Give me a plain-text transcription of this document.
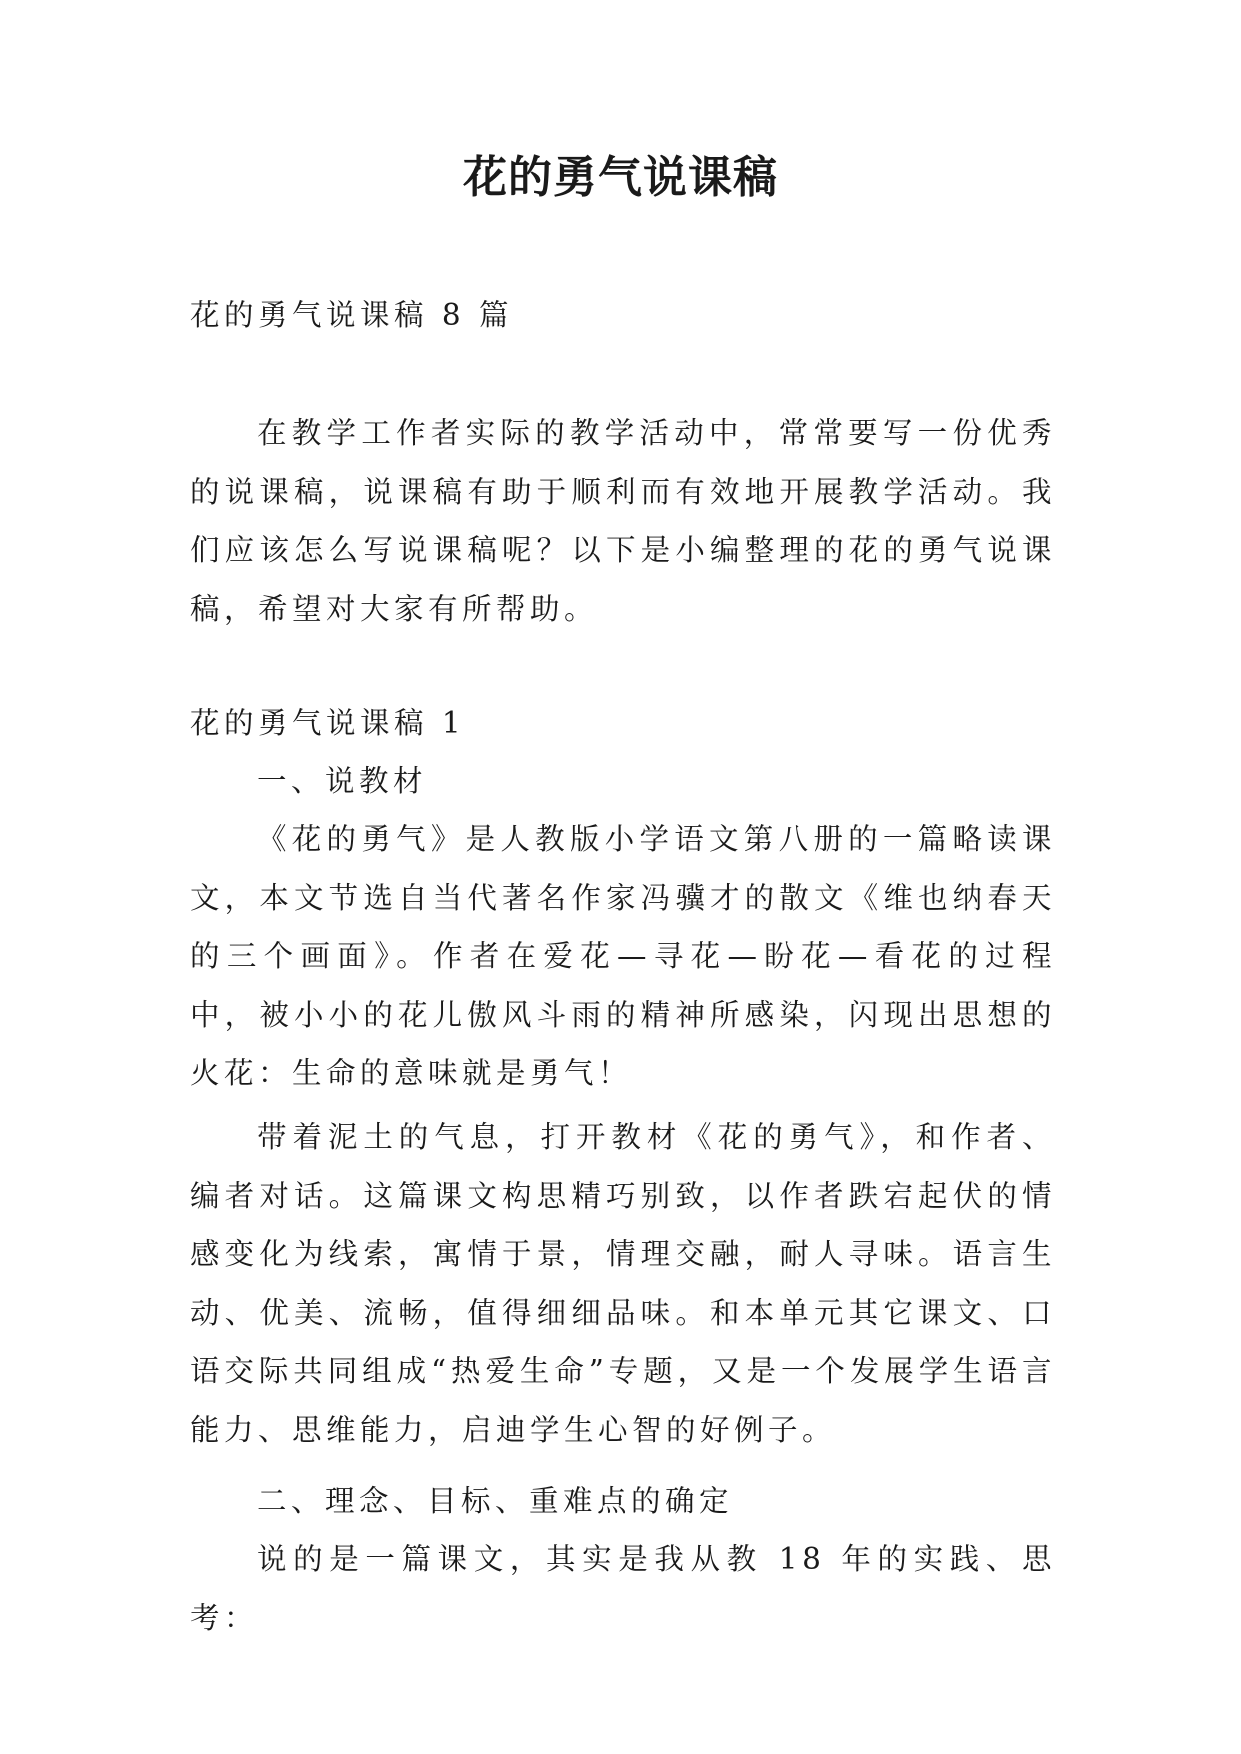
花的勇气说课稿

花的勇气说课稿 8 篇

在教学工作者实际的教学活动中，常常要写一份优秀的说课稿，说课稿有助于顺利而有效地开展教学活动。我们应该怎么写说课稿呢？以下是小编整理的花的勇气说课稿，希望对大家有所帮助。

花的勇气说课稿 1

一、说教材

《花的勇气》是人教版小学语文第八册的一篇略读课文，本文节选自当代著名作家冯骥才的散文《维也纳春天的三个画面》。作者在爱花—寻花—盼花—看花的过程中，被小小的花儿傲风斗雨的精神所感染，闪现出思想的火花：生命的意味就是勇气！

带着泥土的气息，打开教材《花的勇气》，和作者、编者对话。这篇课文构思精巧别致，以作者跌宕起伏的情感变化为线索，寓情于景，情理交融，耐人寻味。语言生动、优美、流畅，值得细细品味。和本单元其它课文、口语交际共同组成“热爱生命”专题，又是一个发展学生语言能力、思维能力，启迪学生心智的好例子。

二、理念、目标、重难点的确定

说的是一篇课文，其实是我从教 18 年的实践、思考：
